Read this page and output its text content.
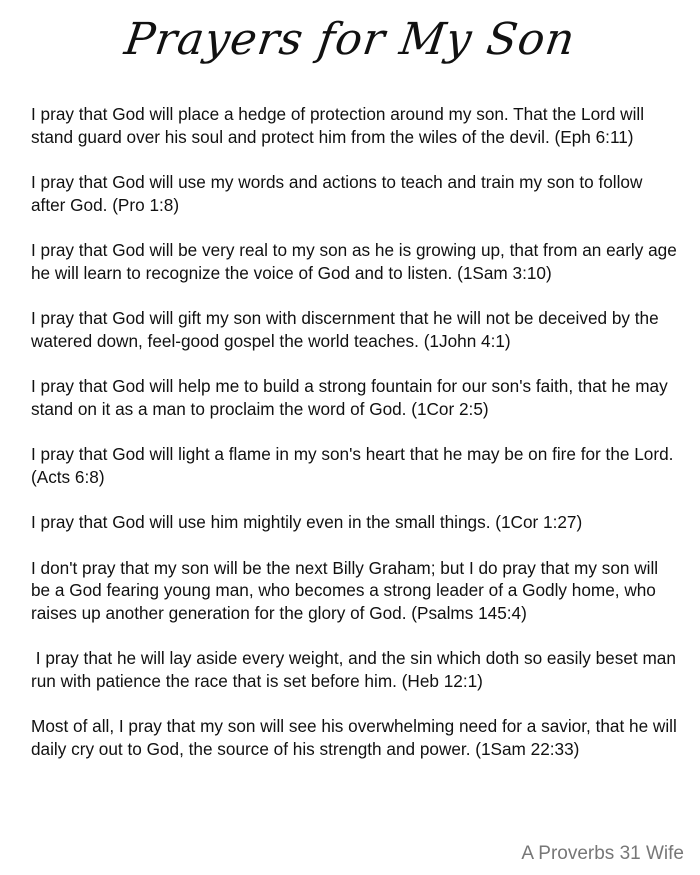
Prayers for My Son

I pray that God will place a hedge of protection around my son. That the Lord will stand guard over his soul and protect him from the wiles of the devil. (Eph 6:11)

I pray that God will use my words and actions to teach and train my son to follow after God. (Pro 1:8)

I pray that God will be very real to my son as he is growing up, that from an early age he will learn to recognize the voice of God and to listen. (1Sam 3:10)

I pray that God will gift my son with discernment that he will not be deceived by the watered down, feel-good gospel the world teaches. (1John 4:1)

I pray that God will help me to build a strong fountain for our son's faith, that he may stand on it as a man to proclaim the word of God. (1Cor 2:5)

I pray that God will light a flame in my son's heart that he may be on fire for the Lord. (Acts 6:8)

I pray that God will use him mightily even in the small things. (1Cor 1:27)

I don't pray that my son will be the next Billy Graham; but I do pray that my son will be a God fearing young man, who becomes a strong leader of a Godly home, who raises up another generation for the glory of God. (Psalms 145:4)

I pray that he will lay aside every weight, and the sin which doth so easily beset man run with patience the race that is set before him. (Heb 12:1)

Most of all, I pray that my son will see his overwhelming need for a savior, that he will daily cry out to God, the source of his strength and power. (1Sam 22:33)

A Proverbs 31 Wife
